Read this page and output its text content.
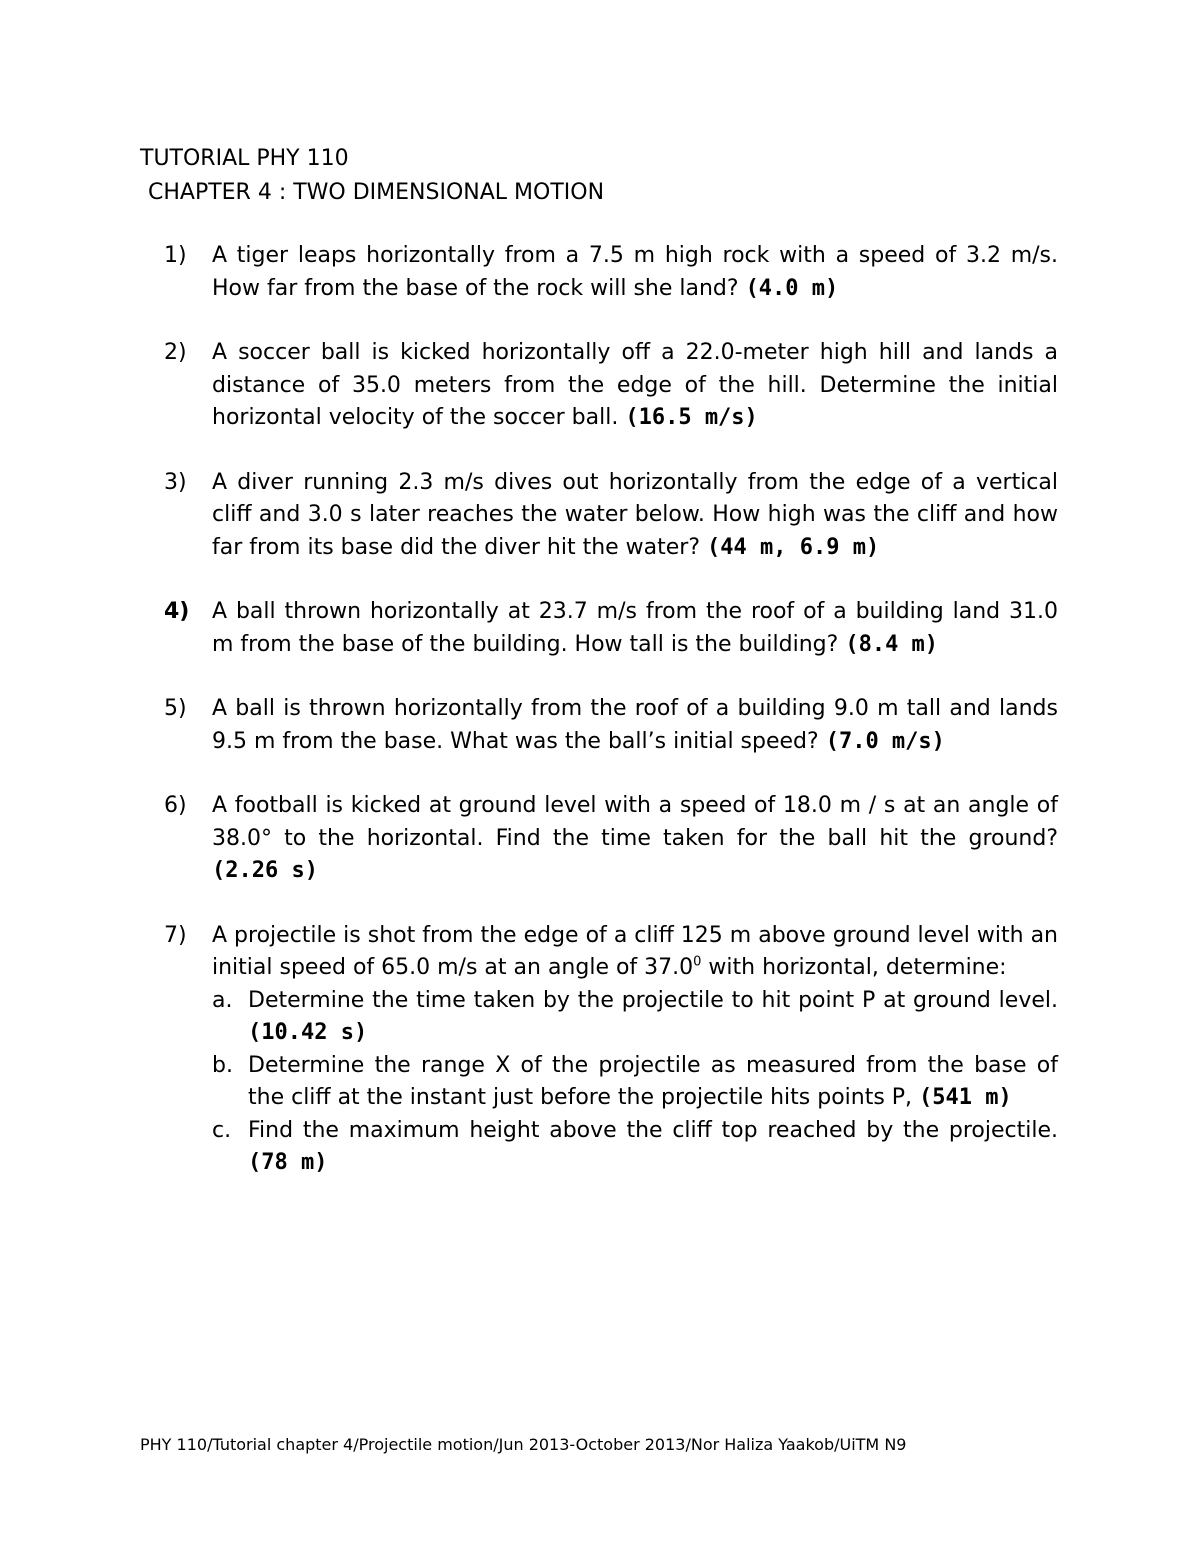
TUTORIAL PHY 110
CHAPTER 4 : TWO DIMENSIONAL MOTION
1)	A tiger leaps horizontally from a 7.5 m high rock with a speed of 3.2 m/s. How far from the base of the rock will she land? (4.0 m)
2)	A soccer ball is kicked horizontally off a 22.0-meter high hill and lands a distance of 35.0 meters from the edge of the hill. Determine the initial horizontal velocity of the soccer ball. (16.5 m/s)
3)	A diver running 2.3 m/s dives out horizontally from the edge of a vertical cliff and 3.0 s later reaches the water below. How high was the cliff and how far from its base did the diver hit the water? (44 m, 6.9 m)
4)	A ball thrown horizontally at 23.7 m/s from the roof of a building land 31.0 m from the base of the building. How tall is the building? (8.4 m)
5)	A ball is thrown horizontally from the roof of a building 9.0 m tall and lands 9.5 m from the base. What was the ball’s initial speed? (7.0 m/s)
6)	A football is kicked at ground level with a speed of 18.0 m / s at an angle of 38.0° to the horizontal. Find the time taken for the ball hit the ground? (2.26 s)
7)	A projectile is shot from the edge of a cliff 125 m above ground level with an initial speed of 65.0 m/s at an angle of 37.0$^0$ with horizontal, determine:
a. Determine the time taken by the projectile to hit point P at ground level. (10.42 s)
b. Determine the range X of the projectile as measured from the base of the cliff at the instant just before the projectile hits points P, (541 m)
c. Find the maximum height above the cliff top reached by the projectile. (78 m)
PHY 110/Tutorial chapter 4/Projectile motion/Jun 2013-October 2013/Nor Haliza Yaakob/UiTM N9
